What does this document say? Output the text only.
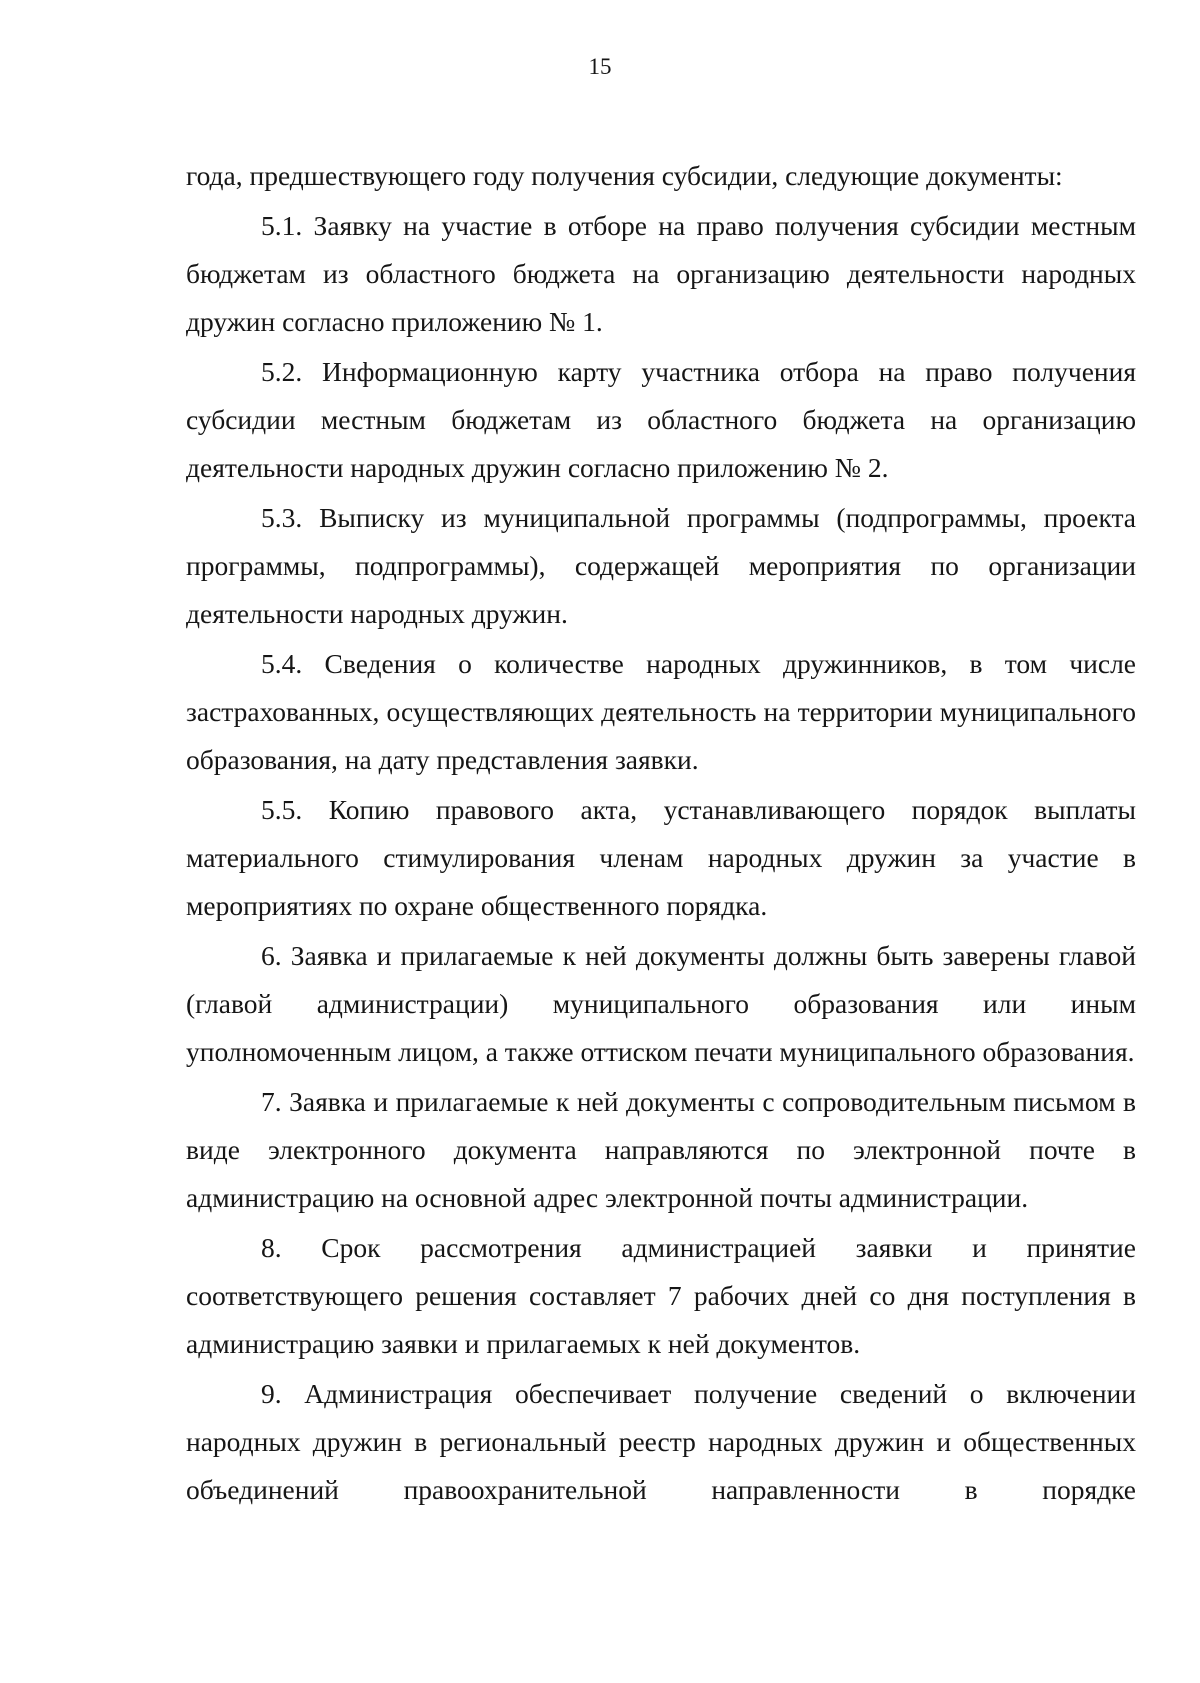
15

года, предшествующего году получения субсидии, следующие документы:

5.1. Заявку на участие в отборе на право получения субсидии местным бюджетам из областного бюджета на организацию деятельности народных дружин согласно приложению № 1.

5.2. Информационную карту участника отбора на право получения субсидии местным бюджетам из областного бюджета на организацию деятельности народных дружин согласно приложению № 2.

5.3. Выписку из муниципальной программы (подпрограммы, проекта программы, подпрограммы), содержащей мероприятия по организации деятельности народных дружин.

5.4. Сведения о количестве народных дружинников, в том числе застрахованных, осуществляющих деятельность на территории муниципального образования, на дату представления заявки.

5.5. Копию правового акта, устанавливающего порядок выплаты материального стимулирования членам народных дружин за участие в мероприятиях по охране общественного порядка.

6. Заявка и прилагаемые к ней документы должны быть заверены главой (главой администрации) муниципального образования или иным уполномоченным лицом, а также оттиском печати муниципального образования.

7. Заявка и прилагаемые к ней документы с сопроводительным письмом в виде электронного документа направляются по электронной почте в администрацию на основной адрес электронной почты администрации.

8. Срок рассмотрения администрацией заявки и принятие соответствующего решения составляет 7 рабочих дней со дня поступления в администрацию заявки и прилагаемых к ней документов.

9. Администрация обеспечивает получение сведений о включении народных дружин в региональный реестр народных дружин и общественных объединений правоохранительной направленности в порядке
